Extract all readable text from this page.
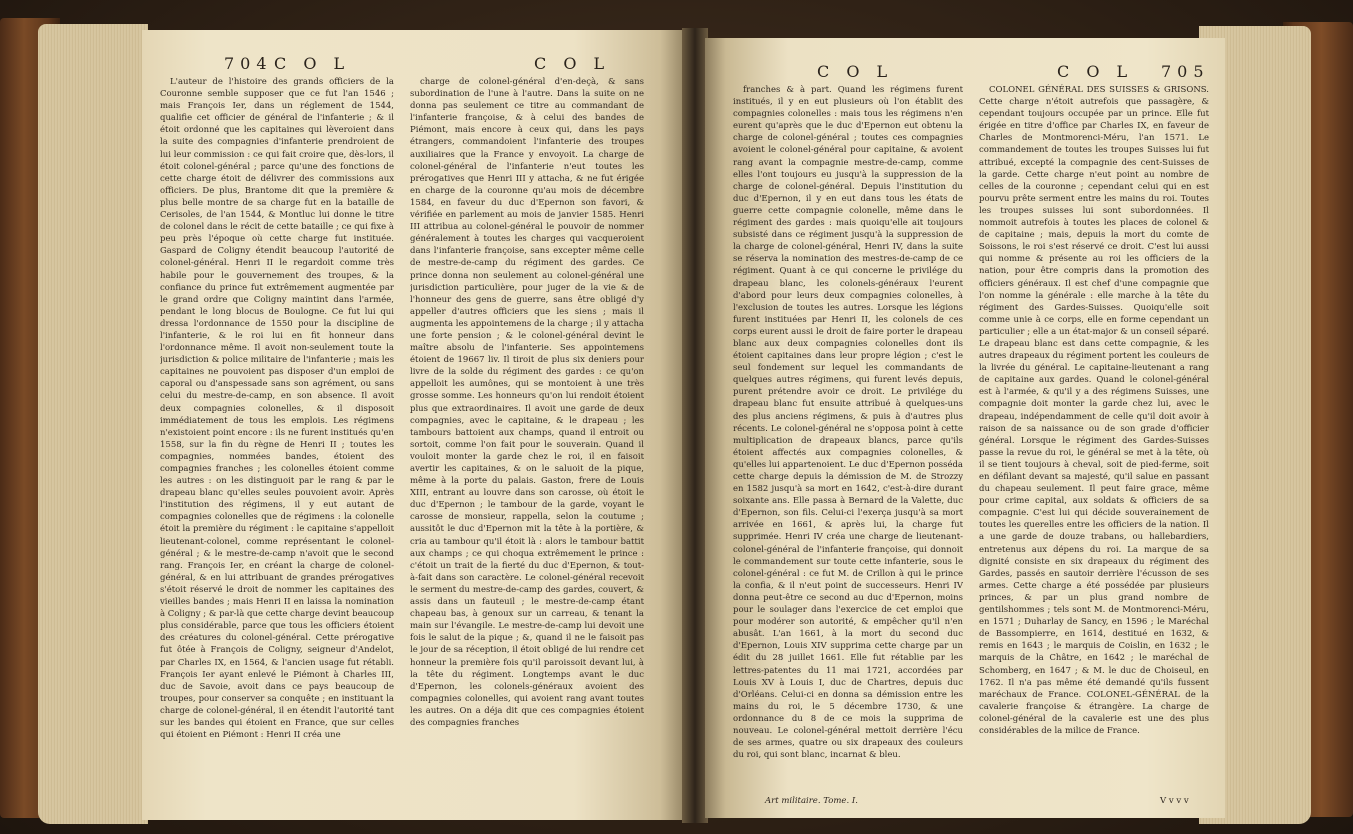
704 C O L	C O L

L'auteur de l'histoire des grands officiers de la Couronne semble supposer que ce fut l'an 1546 ; mais François Ier, dans un réglement de 1544, qualifie cet officier de général de l'infanterie ; & il étoit ordonné que les capitaines qui lèveroient dans la suite des compagnies d'infanterie prendroient de lui leur commission : ce qui fait croire que, dès-lors, il étoit colonel-général ; parce qu'une des fonctions de cette charge étoit de délivrer des commissions aux officiers. De plus, Brantome dit que la première & plus belle montre de sa charge fut en la bataille de Cerisoles, de l'an 1544, & Montluc lui donne le titre de colonel dans le récit de cette bataille ; ce qui fixe à peu près l'époque où cette charge fut instituée. Gaspard de Coligny étendit beaucoup l'autorité de colonel-général. Henri II le regardoit comme très habile pour le gouvernement des troupes, & la confiance du prince fut extrêmement augmentée par le grand ordre que Coligny maintint dans l'armée, pendant le long blocus de Boulogne. Ce fut lui qui dressa l'ordonnance de 1550 pour la discipline de l'infanterie, & le roi lui en fit honneur dans l'ordonnance même. Il avoit non-seulement toute la jurisdiction & police militaire de l'infanterie ; mais les capitaines ne pouvoient pas disposer d'un emploi de caporal ou d'anspessade sans son agrément, ou sans celui du mestre-de-camp, en son absence. Il avoit deux compagnies colonelles, & il disposoit immédiatement de tous les emplois. Les régimens n'existoient point encore : ils ne furent institués qu'en 1558, sur la fin du règne de Henri II ; toutes les compagnies, nommées bandes, étoient des compagnies franches ; les colonelles étoient comme les autres : on les distinguoit par le rang & par le drapeau blanc qu'elles seules pouvoient avoir. Après l'institution des régimens, il y eut autant de compagnies colonelles que de régimens : la colonelle étoit la première du régiment : le capitaine s'appelloit lieutenant-colonel, comme représentant le colonel-général ; & le mestre-de-camp n'avoit que le second rang. François Ier, en créant la charge de colonel-général, & en lui attribuant de grandes prérogatives s'étoit réservé le droit de nommer les capitaines des vieilles bandes ; mais Henri II en laissa la nomination à Coligny ; & par-là que cette charge devint beaucoup plus considérable, parce que tous les officiers étoient des créatures du colonel-général. Cette prérogative fut ôtée à François de Coligny, seigneur d'Andelot, par Charles IX, en 1564, & l'ancien usage fut rétabli. François Ier ayant enlevé le Piémont à Charles III, duc de Savoie, avoit dans ce pays beaucoup de troupes, pour conserver sa conquête ; en instituant la charge de colonel-général, il en étendit l'autorité tant sur les bandes qui étoient en France, que sur celles qui étoient en Piémont : Henri II créa une

charge de colonel-général d'en-deçà, & sans subordination de l'une à l'autre. Dans la suite on ne donna pas seulement ce titre au commandant de l'infanterie françoise, & à celui des bandes de Piémont, mais encore à ceux qui, dans les pays étrangers, commandoient l'infanterie des troupes auxiliaires que la France y envoyoit. La charge de colonel-général de l'infanterie n'eut toutes les prérogatives que Henri III y attacha, & ne fut érigée en charge de la couronne qu'au mois de décembre 1584, en faveur du duc d'Epernon son favori, & vérifiée en parlement au mois de janvier 1585. Henri III attribua au colonel-général le pouvoir de nommer généralement à toutes les charges qui vacqueroient dans l'infanterie françoise, sans excepter même celle de mestre-de-camp du régiment des gardes. Ce prince donna non seulement au colonel-général une jurisdiction particulière, pour juger de la vie & de l'honneur des gens de guerre, sans être obligé d'y appeller d'autres officiers que les siens ; mais il augmenta les appointemens de la charge ; il y attacha une forte pension ; & le colonel-général devint le maître absolu de l'infanterie. Ses appointemens étoient de 19667 liv. Il tiroit de plus six deniers pour livre de la solde du régiment des gardes : ce qu'on appelloit les aumônes, qui se montoient à une très grosse somme. Les honneurs qu'on lui rendoit étoient plus que extraordinaires. Il avoit une garde de deux compagnies, avec le capitaine, & le drapeau ; les tambours battoient aux champs, quand il entroit ou sortoit, comme l'on fait pour le souverain. Quand il vouloit monter la garde chez le roi, il en faisoit avertir les capitaines, & on le saluoit de la pique, même à la porte du palais. Gaston, frere de Louis XIII, entrant au louvre dans son carosse, où étoit le duc d'Epernon ; le tambour de la garde, voyant le carosse de monsieur, rappella, selon la coutume ; aussitôt le duc d'Epernon mit la tête à la portière, & cria au tambour qu'il étoit là : alors le tambour battit aux champs ; ce qui choqua extrêmement le prince : c'étoit un trait de la fierté du duc d'Epernon, & tout-à-fait dans son caractère. Le colonel-général recevoit le serment du mestre-de-camp des gardes, couvert, & assis dans un fauteuil ; le mestre-de-camp étant chapeau bas, à genoux sur un carreau, & tenant la main sur l'évangile. Le mestre-de-camp lui devoit une fois le salut de la pique ; &, quand il ne le faisoit pas le jour de sa réception, il étoit obligé de lui rendre cet honneur la première fois qu'il paroissoit devant lui, à la tête du régiment. Longtemps avant le duc d'Epernon, les colonels-généraux avoient des compagnies colonelles, qui avoient rang avant toutes les autres. On a déja dit que ces compagnies étoient des compagnies franches

C O L	C O L 705

franches & à part. Quand les régimens furent institués, il y en eut plusieurs où l'on établit des compagnies colonelles : mais tous les régimens n'en eurent qu'après que le duc d'Epernon eut obtenu la charge de colonel-général ; toutes ces compagnies avoient le colonel-général pour capitaine, & avoient rang avant la compagnie mestre-de-camp, comme elles l'ont toujours eu jusqu'à la suppression de la charge de colonel-général. Depuis l'institution du duc d'Epernon, il y en eut dans tous les états de guerre cette compagnie colonelle, même dans le régiment des gardes : mais quoiqu'elle ait toujours subsisté dans ce régiment jusqu'à la suppression de la charge de colonel-général, Henri IV, dans la suite se réserva la nomination des mestres-de-camp de ce régiment. Quant à ce qui concerne le privilége du drapeau blanc, les colonels-généraux l'eurent d'abord pour leurs deux compagnies colonelles, à l'exclusion de toutes les autres. Lorsque les légions furent instituées par Henri II, les colonels de ces corps eurent aussi le droit de faire porter le drapeau blanc aux deux compagnies colonelles dont ils étoient capitaines dans leur propre légion ; c'est le seul fondement sur lequel les commandants de quelques autres régimens, qui furent levés depuis, purent prétendre avoir ce droit. Le privilége du drapeau blanc fut ensuite attribué à quelques-uns des plus anciens régimens, & puis à d'autres plus récents. Le colonel-général ne s'opposa point à cette multiplication de drapeaux blancs, parce qu'ils étoient affectés aux compagnies colonelles, & qu'elles lui appartenoient. Le duc d'Epernon posséda cette charge depuis la démission de M. de Strozzy en 1582 jusqu'à sa mort en 1642, c'est-à-dire durant soixante ans. Elle passa à Bernard de la Valette, duc d'Epernon, son fils. Celui-ci l'exerça jusqu'à sa mort arrivée en 1661, & après lui, la charge fut supprimée. Henri IV créa une charge de lieutenant-colonel-général de l'infanterie françoise, qui donnoit le commandement sur toute cette infanterie, sous le colonel-général : ce fut M. de Crillon à qui le prince la confia, & il n'eut point de successeurs. Henri IV donna peut-être ce second au duc d'Epernon, moins pour le soulager dans l'exercice de cet emploi que pour modérer son autorité, & empêcher qu'il n'en abusât. L'an 1661, à la mort du second duc d'Epernon, Louis XIV supprima cette charge par un édit du 28 juillet 1661. Elle fut rétablie par les lettres-patentes du 11 mai 1721, accordées par Louis XV à Louis I, duc de Chartres, depuis duc d'Orléans. Celui-ci en donna sa démission entre les mains du roi, le 5 décembre 1730, & une ordonnance du 8 de ce mois la supprima de nouveau. Le colonel-général mettoit derrière l'écu de ses armes, quatre ou six drapeaux des couleurs du roi, qui sont blanc, incarnat & bleu.

COLONEL GÉNÉRAL DES SUISSES & GRISONS. Cette charge n'étoit autrefois que passagère, & cependant toujours occupée par un prince. Elle fut érigée en titre d'office par Charles IX, en faveur de Charles de Montmorenci-Méru, l'an 1571. Le commandement de toutes les troupes Suisses lui fut attribué, excepté la compagnie des cent-Suisses de la garde. Cette charge n'eut point au nombre de celles de la couronne ; cependant celui qui en est pourvu prête serment entre les mains du roi. Toutes les troupes suisses lui sont subordonnées. Il nommoit autrefois à toutes les places de colonel & de capitaine ; mais, depuis la mort du comte de Soissons, le roi s'est réservé ce droit. C'est lui aussi qui nomme & présente au roi les officiers de la nation, pour être compris dans la promotion des officiers généraux. Il est chef d'une compagnie que l'on nomme la générale : elle marche à la tête du régiment des Gardes-Suisses. Quoiqu'elle soit comme unie à ce corps, elle en forme cependant un particulier ; elle a un état-major & un conseil séparé. Le drapeau blanc est dans cette compagnie, & les autres drapeaux du régiment portent les couleurs de la livrée du général. Le capitaine-lieutenant a rang de capitaine aux gardes. Quand le colonel-général est à l'armée, & qu'il y a des régimens Suisses, une compagnie doit monter la garde chez lui, avec le drapeau, indépendamment de celle qu'il doit avoir à raison de sa naissance ou de son grade d'officier général. Lorsque le régiment des Gardes-Suisses passe la revue du roi, le général se met à la tête, où il se tient toujours à cheval, soit de pied-ferme, soit en défilant devant sa majesté, qu'il salue en passant du chapeau seulement. Il peut faire grace, même pour crime capital, aux soldats & officiers de sa compagnie. C'est lui qui décide souverainement de toutes les querelles entre les officiers de la nation. Il a une garde de douze trabans, ou hallebardiers, entretenus aux dépens du roi. La marque de sa dignité consiste en six drapeaux du régiment des Gardes, passés en sautoir derrière l'écusson de ses armes. Cette charge a été possédée par plusieurs princes, & par un plus grand nombre de gentilshommes ; tels sont M. de Montmorenci-Méru, en 1571 ; Duharlay de Sancy, en 1596 ; le Maréchal de Bassompierre, en 1614, destitué en 1632, & remis en 1643 ; le marquis de Coislin, en 1632 ; le marquis de la Châtre, en 1642 ; le maréchal de Schomberg, en 1647 ; & M. le duc de Choiseul, en 1762. Il n'a pas même été demandé qu'ils fussent maréchaux de France. COLONEL-GÉNÉRAL de la cavalerie françoise & étrangère. La charge de colonel-général de la cavalerie est une des plus considérables de la milice de France.

Art militaire. Tome. I.	V v v v
